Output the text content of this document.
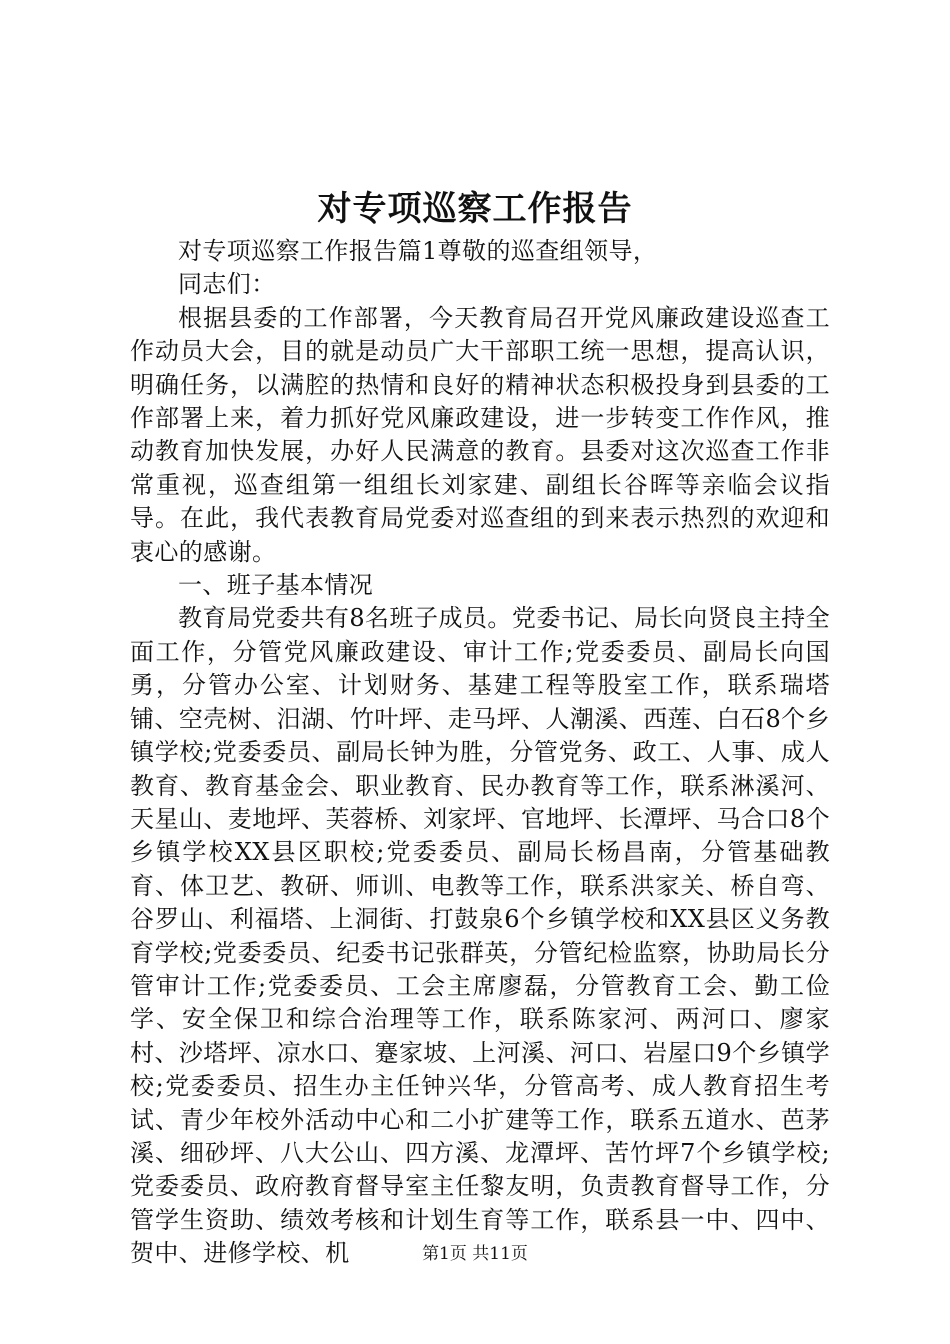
对专项巡察工作报告

对专项巡察工作报告篇1尊敬的巡查组领导，

同志们：

根据县委的工作部署，今天教育局召开党风廉政建设巡查工作动员大会，目的就是动员广大干部职工统一思想，提高认识，明确任务，以满腔的热情和良好的精神状态积极投身到县委的工作部署上来，着力抓好党风廉政建设，进一步转变工作作风，推动教育加快发展，办好人民满意的教育。县委对这次巡查工作非常重视，巡查组第一组组长刘家建、副组长谷晖等亲临会议指导。在此，我代表教育局党委对巡查组的到来表示热烈的欢迎和衷心的感谢。

一、班子基本情况

教育局党委共有8名班子成员。党委书记、局长向贤良主持全面工作，分管党风廉政建设、审计工作;党委委员、副局长向国勇，分管办公室、计划财务、基建工程等股室工作，联系瑞塔铺、空壳树、汨湖、竹叶坪、走马坪、人潮溪、西莲、白石8个乡镇学校;党委委员、副局长钟为胜，分管党务、政工、人事、成人教育、教育基金会、职业教育、民办教育等工作，联系淋溪河、天星山、麦地坪、芙蓉桥、刘家坪、官地坪、长潭坪、马合口8个乡镇学校XX县区职校;党委委员、副局长杨昌南，分管基础教育、体卫艺、教研、师训、电教等工作，联系洪家关、桥自弯、谷罗山、利福塔、上洞街、打鼓泉6个乡镇学校和XX县区义务教育学校;党委委员、纪委书记张群英，分管纪检监察，协助局长分管审计工作;党委委员、工会主席廖磊，分管教育工会、勤工俭学、安全保卫和综合治理等工作，联系陈家河、两河口、廖家村、沙塔坪、凉水口、蹇家坡、上河溪、河口、岩屋口9个乡镇学校;党委委员、招生办主任钟兴华，分管高考、成人教育招生考试、青少年校外活动中心和二小扩建等工作，联系五道水、芭茅溪、细砂坪、八大公山、四方溪、龙潭坪、苦竹坪7个乡镇学校;党委委员、政府教育督导室主任黎友明，负责教育督导工作，分管学生资助、绩效考核和计划生育等工作，联系县一中、四中、贺中、进修学校、机	第1页 共11页
